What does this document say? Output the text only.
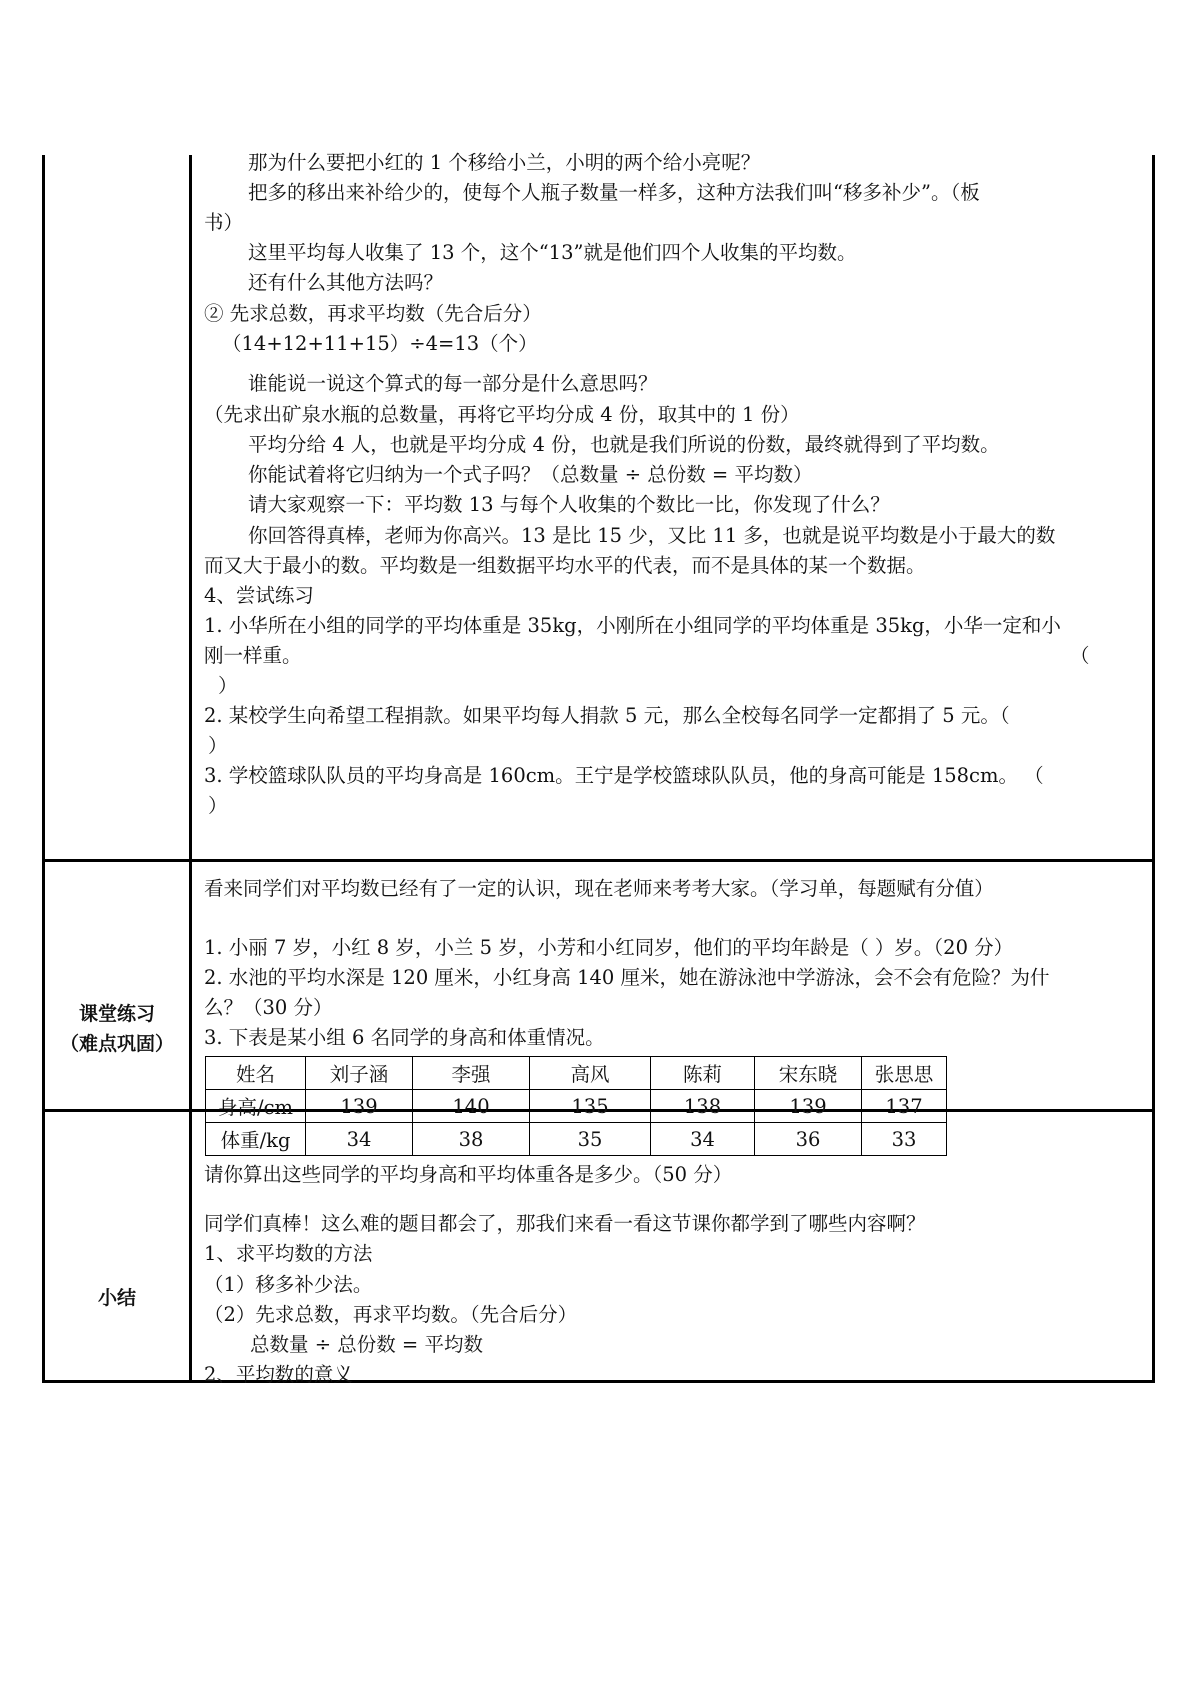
那为什么要把小红的 1 个移给小兰，小明的两个给小亮呢？
把多的移出来补给少的，使每个人瓶子数量一样多，这种方法我们叫“移多补少”。（板
书）
这里平均每人收集了 13 个，这个“13”就是他们四个人收集的平均数。
还有什么其他方法吗？
② 先求总数，再求平均数（先合后分）
（14+12+11+15）÷4=13（个）
谁能说一说这个算式的每一部分是什么意思吗？
（先求出矿泉水瓶的总数量，再将它平均分成 4 份，取其中的 1 份）
平均分给 4 人，也就是平均分成 4 份，也就是我们所说的份数，最终就得到了平均数。
你能试着将它归纳为一个式子吗？（总数量 ÷ 总份数 = 平均数）
请大家观察一下：平均数 13 与每个人收集的个数比一比，你发现了什么？
你回答得真棒，老师为你高兴。13 是比 15 少，又比 11 多，也就是说平均数是小于最大的数
而又大于最小的数。平均数是一组数据平均水平的代表，而不是具体的某一个数据。
4、尝试练习
1. 小华所在小组的同学的平均体重是 35kg，小刚所在小组同学的平均体重是 35kg，小华一定和小
刚一样重。	（
）
2. 某校学生向希望工程捐款。如果平均每人捐款 5 元，那么全校每名同学一定都捐了 5 元。（
）
3. 学校篮球队队员的平均身高是 160cm。王宁是学校篮球队队员，他的身高可能是 158cm。 （
）
课堂练习
（难点巩固）
看来同学们对平均数已经有了一定的认识，现在老师来考考大家。（学习单，每题赋有分值）
1. 小丽 7 岁，小红 8 岁，小兰 5 岁，小芳和小红同岁，他们的平均年龄是（ ）岁。（20 分）
2. 水池的平均水深是 120 厘米，小红身高 140 厘米，她在游泳池中学游泳，会不会有危险？为什
么？（30 分）
3. 下表是某小组 6 名同学的身高和体重情况。
姓名	刘子涵	李强	高风	陈莉	宋东晓	张思思
身高/cm	139	140	135	138	139	137
体重/kg	34	38	35	34	36	33
请你算出这些同学的平均身高和平均体重各是多少。（50 分）
小结
同学们真棒！这么难的题目都会了，那我们来看一看这节课你都学到了哪些内容啊？
1、求平均数的方法
（1）移多补少法。
（2）先求总数，再求平均数。（先合后分）
总数量 ÷ 总份数 = 平均数
2、平均数的意义
